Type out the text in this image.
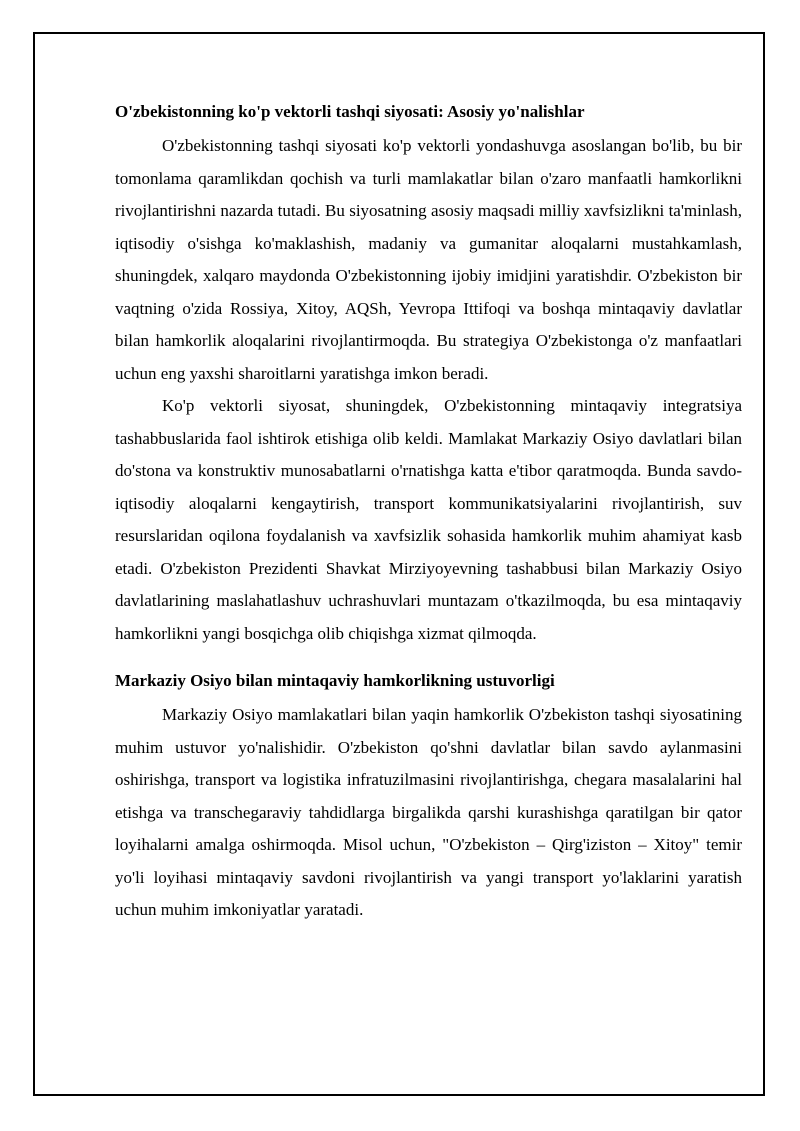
O'zbekistonning ko'p vektorli tashqi siyosati: Asosiy yo'nalishlar

O'zbekistonning tashqi siyosati ko'p vektorli yondashuvga asoslangan bo'lib, bu bir tomonlama qaramlikdan qochish va turli mamlakatlar bilan o'zaro manfaatli hamkorlikni rivojlantirishni nazarda tutadi. Bu siyosatning asosiy maqsadi milliy xavfsizlikni ta'minlash, iqtisodiy o'sishga ko'maklashish, madaniy va gumanitar aloqalarni mustahkamlash, shuningdek, xalqaro maydonda O'zbekistonning ijobiy imidjini yaratishdir. O'zbekiston bir vaqtning o'zida Rossiya, Xitoy, AQSh, Yevropa Ittifoqi va boshqa mintaqaviy davlatlar bilan hamkorlik aloqalarini rivojlantirmoqda. Bu strategiya O'zbekistonga o'z manfaatlari uchun eng yaxshi sharoitlarni yaratishga imkon beradi.

Ko'p vektorli siyosat, shuningdek, O'zbekistonning mintaqaviy integratsiya tashabbuslarida faol ishtirok etishiga olib keldi. Mamlakat Markaziy Osiyo davlatlari bilan do'stona va konstruktiv munosabatlarni o'rnatishga katta e'tibor qaratmoqda. Bunda savdo-iqtisodiy aloqalarni kengaytirish, transport kommunikatsiyalarini rivojlantirish, suv resurslaridan oqilona foydalanish va xavfsizlik sohasida hamkorlik muhim ahamiyat kasb etadi. O'zbekiston Prezidenti Shavkat Mirziyoyevning tashabbusi bilan Markaziy Osiyo davlatlarining maslahatlashuv uchrashuvlari muntazam o'tkazilmoqda, bu esa mintaqaviy hamkorlikni yangi bosqichga olib chiqishga xizmat qilmoqda.

Markaziy Osiyo bilan mintaqaviy hamkorlikning ustuvorligi

Markaziy Osiyo mamlakatlari bilan yaqin hamkorlik O'zbekiston tashqi siyosatining muhim ustuvor yo'nalishidir. O'zbekiston qo'shni davlatlar bilan savdo aylanmasini oshirishga, transport va logistika infratuzilmasini rivojlantirishga, chegara masalalarini hal etishga va transchegaraviy tahdidlarga birgalikda qarshi kurashishga qaratilgan bir qator loyihalarni amalga oshirmoqda. Misol uchun, "O'zbekiston – Qirg'iziston – Xitoy" temir yo'li loyihasi mintaqaviy savdoni rivojlantirish va yangi transport yo'laklarini yaratish uchun muhim imkoniyatlar yaratadi.
